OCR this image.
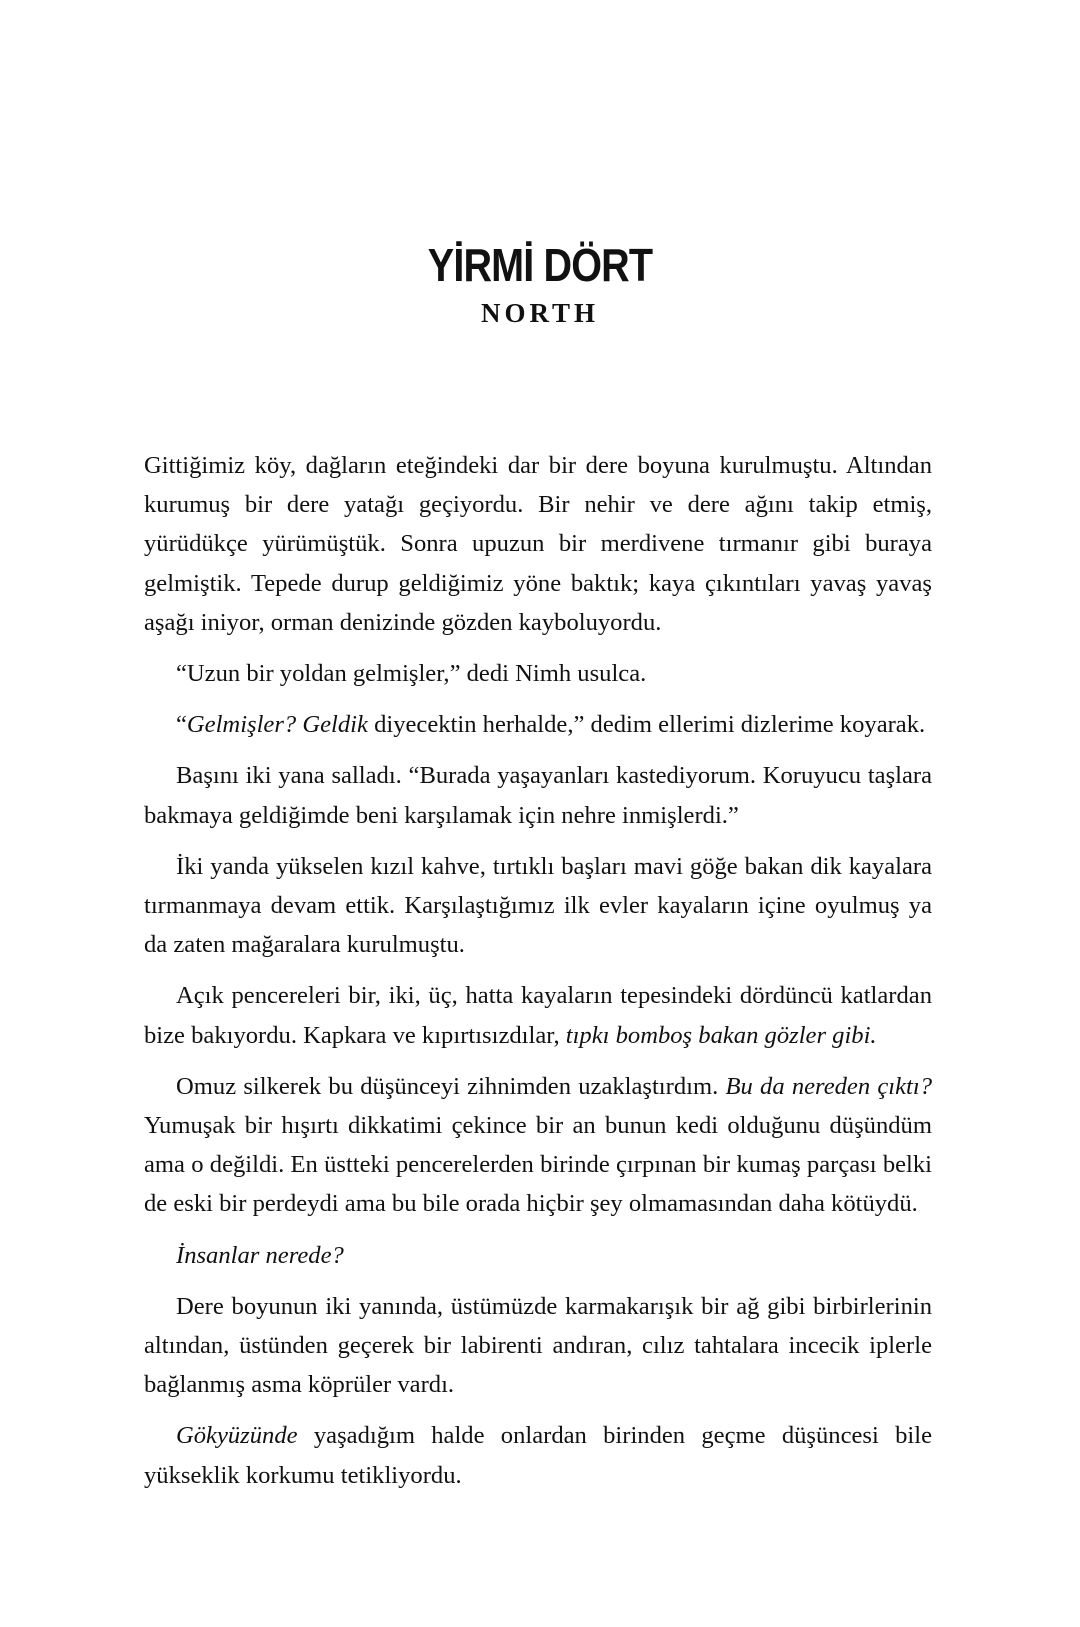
YİRMİ DÖRT
NORTH

Gittiğimiz köy, dağların eteğindeki dar bir dere boyuna kurulmuştu. Altından kurumuş bir dere yatağı geçiyordu. Bir nehir ve dere ağını takip etmiş, yürüdükçe yürümüştük. Sonra upuzun bir merdivene tırmanır gibi buraya gelmiştik. Tepede durup geldiğimiz yöne baktık; kaya çıkıntıları yavaş yavaş aşağı iniyor, orman denizinde gözden kayboluyordu.

“Uzun bir yoldan gelmişler,” dedi Nimh usulca.

“Gelmişler? Geldik diyecektin herhalde,” dedim ellerimi dizlerime koyarak.

Başını iki yana salladı. “Burada yaşayanları kastediyorum. Koruyucu taşlara bakmaya geldiğimde beni karşılamak için nehre inmişlerdi.”

İki yanda yükselen kızıl kahve, tırtıklı başları mavi göğe bakan dik kayalara tırmanmaya devam ettik. Karşılaştığımız ilk evler kayaların içine oyulmuş ya da zaten mağaralara kurulmuştu.

Açık pencereleri bir, iki, üç, hatta kayaların tepesindeki dördüncü katlardan bize bakıyordu. Kapkara ve kıpırtısızdılar, tıpkı bomboş bakan gözler gibi.

Omuz silkerek bu düşünceyi zihnimden uzaklaştırdım. Bu da nereden çıktı? Yumuşak bir hışırtı dikkatimi çekince bir an bunun kedi olduğunu düşündüm ama o değildi. En üstteki pencerelerden birinde çırpınan bir kumaş parçası belki de eski bir perdeydi ama bu bile orada hiçbir şey olmamasından daha kötüydü.

İnsanlar nerede?

Dere boyunun iki yanında, üstümüzde karmakarışık bir ağ gibi birbirlerinin altından, üstünden geçerek bir labirenti andıran, cılız tahtalara incecik iplerle bağlanmış asma köprüler vardı.

Gökyüzünde yaşadığım halde onlardan birinden geçme düşüncesi bile yükseklik korkumu tetikliyordu.
